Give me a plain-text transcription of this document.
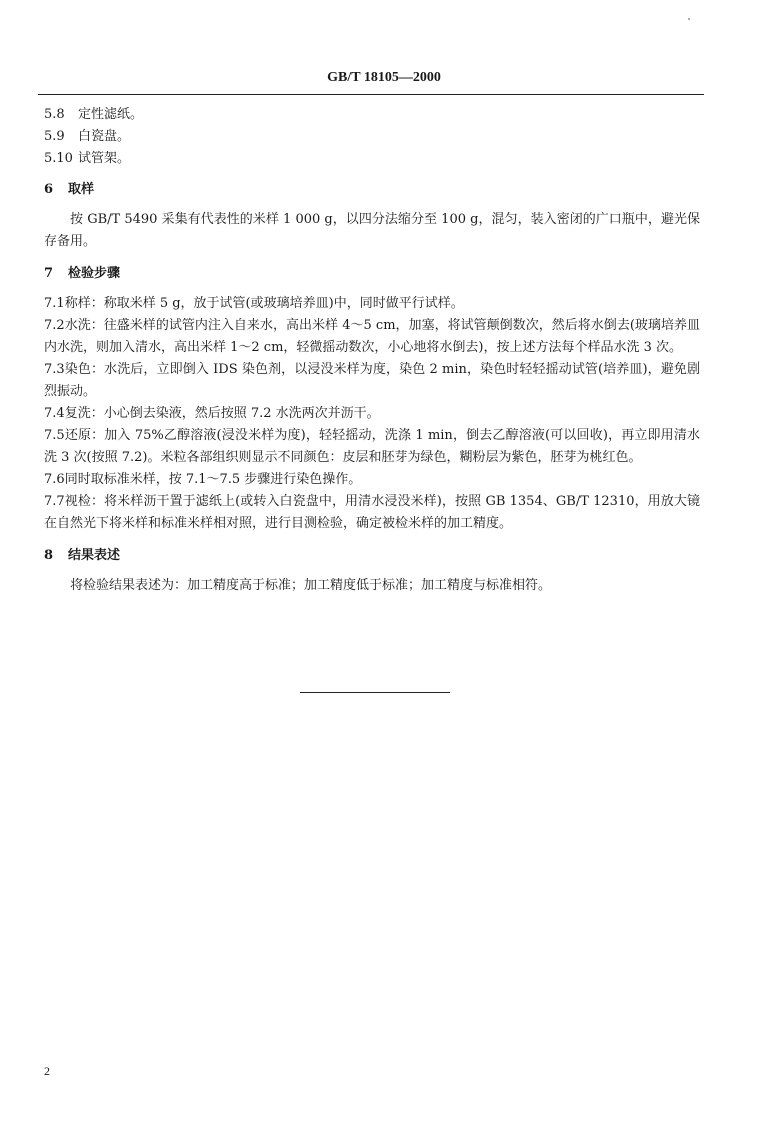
GB/T 18105—2000
5.8	定性滤纸。
5.9	白瓷盘。
5.10 试管架。
6	取样
按 GB/T 5490 采集有代表性的米样 1 000 g，以四分法缩分至 100 g，混匀，装入密闭的广口瓶中，避光保存备用。
7	检验步骤
7.1称样：称取米样 5 g，放于试管(或玻璃培养皿)中，同时做平行试样。
7.2水洗：往盛米样的试管内注入自来水，高出米样 4～5 cm，加塞，将试管颠倒数次，然后将水倒去(玻璃培养皿内水洗，则加入清水，高出米样 1～2 cm，轻微摇动数次，小心地将水倒去)，按上述方法每个样品水洗 3 次。
7.3染色：水洗后，立即倒入 IDS 染色剂，以浸没米样为度，染色 2 min，染色时轻轻摇动试管(培养皿)，避免剧烈振动。
7.4复洗：小心倒去染液，然后按照 7.2 水洗两次并沥干。
7.5还原：加入 75%乙醇溶液(浸没米样为度)，轻轻摇动，洗涤 1 min，倒去乙醇溶液(可以回收)，再立即用清水洗 3 次(按照 7.2)。米粒各部组织则显示不同颜色：皮层和胚芽为绿色，糊粉层为紫色，胚芽为桃红色。
7.6同时取标准米样，按 7.1～7.5 步骤进行染色操作。
7.7视检：将米样沥干置于滤纸上(或转入白瓷盘中，用清水浸没米样)，按照 GB 1354、GB/T 12310，用放大镜在自然光下将米样和标准米样相对照，进行目测检验，确定被检米样的加工精度。
8	结果表述
将检验结果表述为：加工精度高于标准；加工精度低于标准；加工精度与标准相符。
2
